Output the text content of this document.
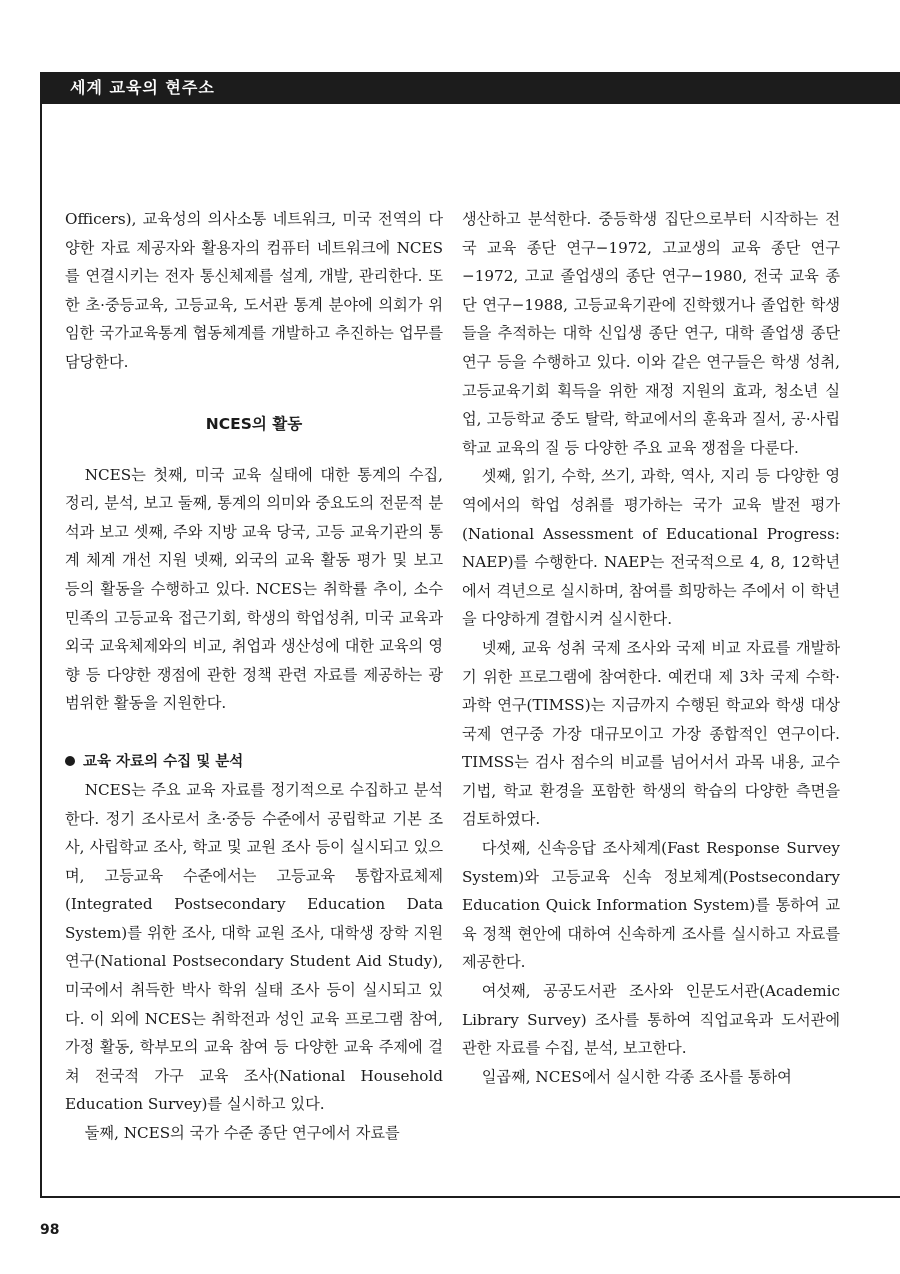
세계 교육의 현주소

Officers), 교육성의 의사소통 네트워크, 미국 전역의 다양한 자료 제공자와 활용자의 컴퓨터 네트워크에 NCES를 연결시키는 전자 통신체제를 설계, 개발, 관리한다. 또한 초·중등교육, 고등교육, 도서관 통계 분야에 의회가 위임한 국가교육통계 협동체계를 개발하고 추진하는 업무를 담당한다.

NCES의 활동

NCES는 첫째, 미국 교육 실태에 대한 통계의 수집, 정리, 분석, 보고 둘째, 통계의 의미와 중요도의 전문적 분석과 보고 셋째, 주와 지방 교육 당국, 고등 교육기관의 통계 체계 개선 지원 넷째, 외국의 교육 활동 평가 및 보고 등의 활동을 수행하고 있다. NCES는 취학률 추이, 소수민족의 고등교육 접근기회, 학생의 학업성취, 미국 교육과 외국 교육체제와의 비교, 취업과 생산성에 대한 교육의 영향 등 다양한 쟁점에 관한 정책 관련 자료를 제공하는 광범위한 활동을 지원한다.

교육 자료의 수집 및 분석

NCES는 주요 교육 자료를 정기적으로 수집하고 분석한다. 정기 조사로서 초·중등 수준에서 공립학교 기본 조사, 사립학교 조사, 학교 및 교원 조사 등이 실시되고 있으며, 고등교육 수준에서는 고등교육 통합자료체제(Integrated Postsecondary Education Data System)를 위한 조사, 대학 교원 조사, 대학생 장학 지원 연구(National Postsecondary Student Aid Study), 미국에서 취득한 박사 학위 실태 조사 등이 실시되고 있다. 이 외에 NCES는 취학전과 성인 교육 프로그램 참여, 가정 활동, 학부모의 교육 참여 등 다양한 교육 주제에 걸쳐 전국적 가구 교육 조사(National Household Education Survey)를 실시하고 있다.

둘째, NCES의 국가 수준 종단 연구에서 자료를

생산하고 분석한다. 중등학생 집단으로부터 시작하는 전국 교육 종단 연구−1972, 고교생의 교육 종단 연구 −1972, 고교 졸업생의 종단 연구−1980, 전국 교육 종단 연구−1988, 고등교육기관에 진학했거나 졸업한 학생들을 추적하는 대학 신입생 종단 연구, 대학 졸업생 종단 연구 등을 수행하고 있다. 이와 같은 연구들은 학생 성취, 고등교육기회 획득을 위한 재정 지원의 효과, 청소년 실업, 고등학교 중도 탈락, 학교에서의 훈육과 질서, 공·사립학교 교육의 질 등 다양한 주요 교육 쟁점을 다룬다.

셋째, 읽기, 수학, 쓰기, 과학, 역사, 지리 등 다양한 영역에서의 학업 성취를 평가하는 국가 교육 발전 평가(National Assessment of Educational Progress: NAEP)를 수행한다. NAEP는 전국적으로 4, 8, 12학년에서 격년으로 실시하며, 참여를 희망하는 주에서 이 학년을 다양하게 결합시켜 실시한다.

넷째, 교육 성취 국제 조사와 국제 비교 자료를 개발하기 위한 프로그램에 참여한다. 예컨대 제 3차 국제 수학·과학 연구(TIMSS)는 지금까지 수행된 학교와 학생 대상 국제 연구중 가장 대규모이고 가장 종합적인 연구이다. TIMSS는 검사 점수의 비교를 넘어서서 과목 내용, 교수 기법, 학교 환경을 포함한 학생의 학습의 다양한 측면을 검토하였다.

다섯째, 신속응답 조사체계(Fast Response Survey System)와 고등교육 신속 정보체계(Postsecondary Education Quick Information System)를 통하여 교육 정책 현안에 대하여 신속하게 조사를 실시하고 자료를 제공한다.

여섯째, 공공도서관 조사와 인문도서관(Academic Library Survey) 조사를 통하여 직업교육과 도서관에 관한 자료를 수집, 분석, 보고한다.

일곱째, NCES에서 실시한 각종 조사를 통하여

98
